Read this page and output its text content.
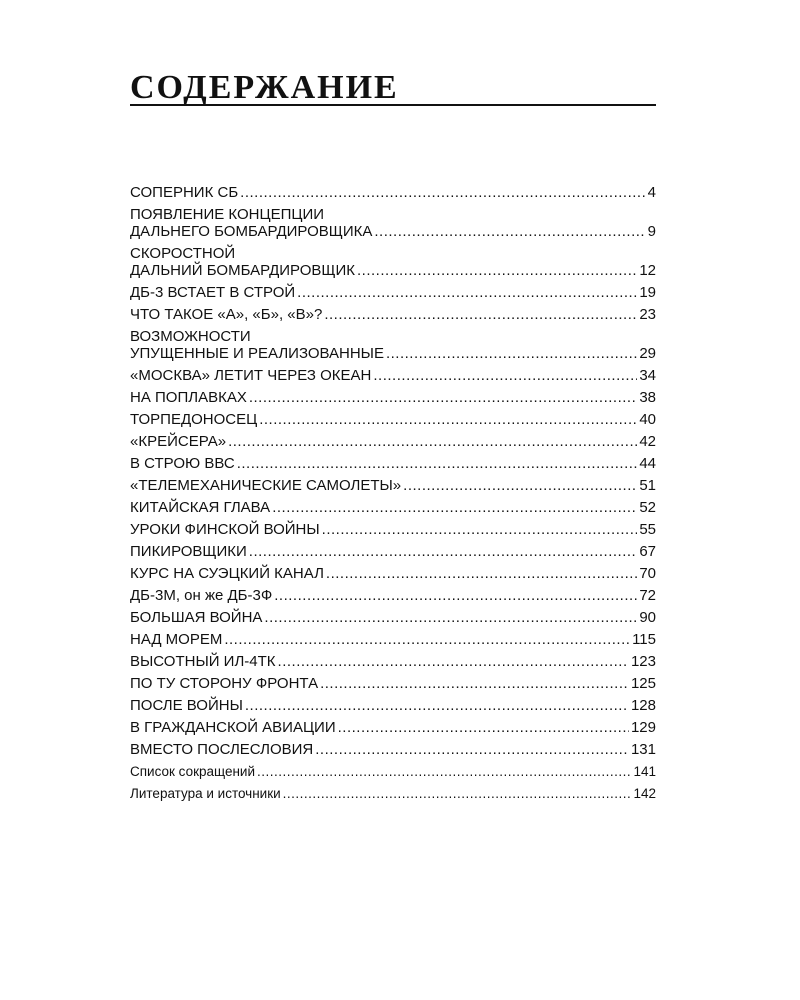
СОДЕРЖАНИЕ
СОПЕРНИК СБ .....	4
ПОЯВЛЕНИЕ КОНЦЕПЦИИ
ДАЛЬНЕГО БОМБАРДИРОВЩИКА .....	9
СКОРОСТНОЙ
ДАЛЬНИЙ БОМБАРДИРОВЩИК .....	12
ДБ-3 ВСТАЕТ В СТРОЙ .....	19
ЧТО ТАКОЕ «А», «Б», «В»? .....	23
ВОЗМОЖНОСТИ
УПУЩЕННЫЕ И РЕАЛИЗОВАННЫЕ .....	29
«МОСКВА» ЛЕТИТ ЧЕРЕЗ ОКЕАН .....	34
НА ПОПЛАВКАХ .....	38
ТОРПЕДОНОСЕЦ .....	40
«КРЕЙСЕРА» .....	42
В СТРОЮ ВВС .....	44
«ТЕЛЕМЕХАНИЧЕСКИЕ САМОЛЕТЫ» .....	51
КИТАЙСКАЯ ГЛАВА .....	52
УРОКИ ФИНСКОЙ ВОЙНЫ .....	55
ПИКИРОВЩИКИ .....	67
КУРС НА СУЭЦКИЙ КАНАЛ .....	70
ДБ-3М, он же ДБ-3Ф .....	72
БОЛЬШАЯ ВОЙНА .....	90
НАД МОРЕМ .....	115
ВЫСОТНЫЙ ИЛ-4ТК .....	123
ПО ТУ СТОРОНУ ФРОНТА .....	125
ПОСЛЕ ВОЙНЫ .....	128
В ГРАЖДАНСКОЙ АВИАЦИИ .....	129
ВМЕСТО ПОСЛЕСЛОВИЯ .....	131
Список сокращений .....	141
Литература и источники .....	142
